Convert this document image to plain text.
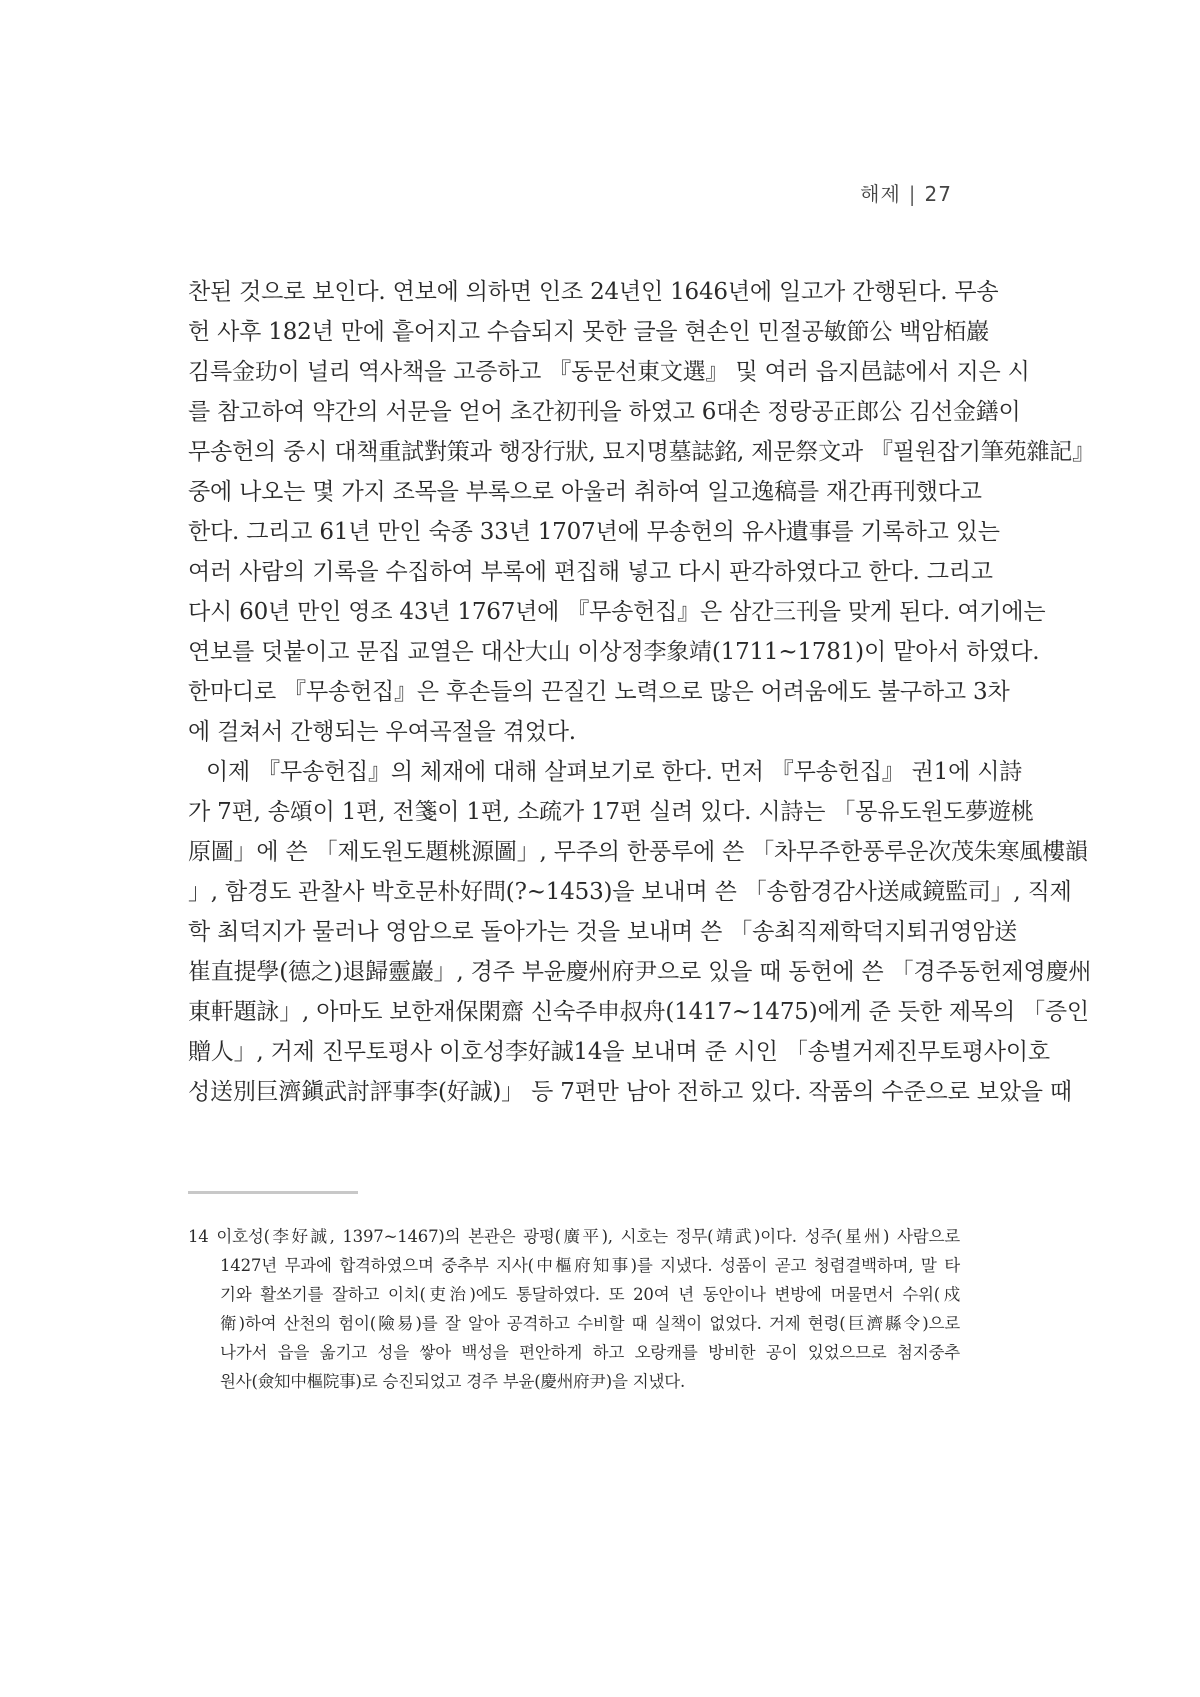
해제 | 27
찬된 것으로 보인다. 연보에 의하면 인조 24년인 1646년에 일고가 간행된다. 무송
헌 사후 182년 만에 흩어지고 수습되지 못한 글을 현손인 민절공敏節公 백암栢巖
김륵金玏이 널리 역사책을 고증하고 『동문선東文選』 및 여러 읍지邑誌에서 지은 시
를 참고하여 약간의 서문을 얻어 초간初刊을 하였고 6대손 정랑공正郎公 김선金鐥이
무송헌의 중시 대책重試對策과 행장行狀, 묘지명墓誌銘, 제문祭文과 『필원잡기筆苑雜記』
중에 나오는 몇 가지 조목을 부록으로 아울러 취하여 일고逸稿를 재간再刊했다고
한다. 그리고 61년 만인 숙종 33년 1707년에 무송헌의 유사遺事를 기록하고 있는
여러 사람의 기록을 수집하여 부록에 편집해 넣고 다시 판각하였다고 한다. 그리고
다시 60년 만인 영조 43년 1767년에 『무송헌집』은 삼간三刊을 맞게 된다. 여기에는
연보를 덧붙이고 문집 교열은 대산大山 이상정李象靖(1711~1781)이 맡아서 하였다.
한마디로 『무송헌집』은 후손들의 끈질긴 노력으로 많은 어려움에도 불구하고 3차
에 걸쳐서 간행되는 우여곡절을 겪었다.
이제 『무송헌집』의 체재에 대해 살펴보기로 한다. 먼저 『무송헌집』 권1에 시詩
가 7편, 송頌이 1편, 전箋이 1편, 소疏가 17편 실려 있다. 시詩는 「몽유도원도夢遊桃
原圖」에 쓴 「제도원도題桃源圖」, 무주의 한풍루에 쓴 「차무주한풍루운次茂朱寒風樓韻
」, 함경도 관찰사 박호문朴好問(?~1453)을 보내며 쓴 「송함경감사送咸鏡監司」, 직제
학 최덕지가 물러나 영암으로 돌아가는 것을 보내며 쓴 「송최직제학덕지퇴귀영암送
崔直提學(德之)退歸靈巖」, 경주 부윤慶州府尹으로 있을 때 동헌에 쓴 「경주동헌제영慶州
東軒題詠」, 아마도 보한재保閑齋 신숙주申叔舟(1417~1475)에게 준 듯한 제목의 「증인
贈人」, 거제 진무토평사 이호성李好誠14을 보내며 준 시인 「송별거제진무토평사이호
성送別巨濟鎭武討評事李(好誠)」 등 7편만 남아 전하고 있다. 작품의 수준으로 보았을 때
14 이호성(李好誠, 1397~1467)의 본관은 광평(廣平), 시호는 정무(靖武)이다. 성주(星州) 사람으로
1427년 무과에 합격하였으며 중추부 지사(中樞府知事)를 지냈다. 성품이 곧고 청렴결백하며, 말 타
기와 활쏘기를 잘하고 이치(吏治)에도 통달하였다. 또 20여 년 동안이나 변방에 머물면서 수위(戍
衛)하여 산천의 험이(險易)를 잘 알아 공격하고 수비할 때 실책이 없었다. 거제 현령(巨濟縣令)으로
나가서 읍을 옮기고 성을 쌓아 백성을 편안하게 하고 오랑캐를 방비한 공이 있었으므로 첨지중추
원사(僉知中樞院事)로 승진되었고 경주 부윤(慶州府尹)을 지냈다.
